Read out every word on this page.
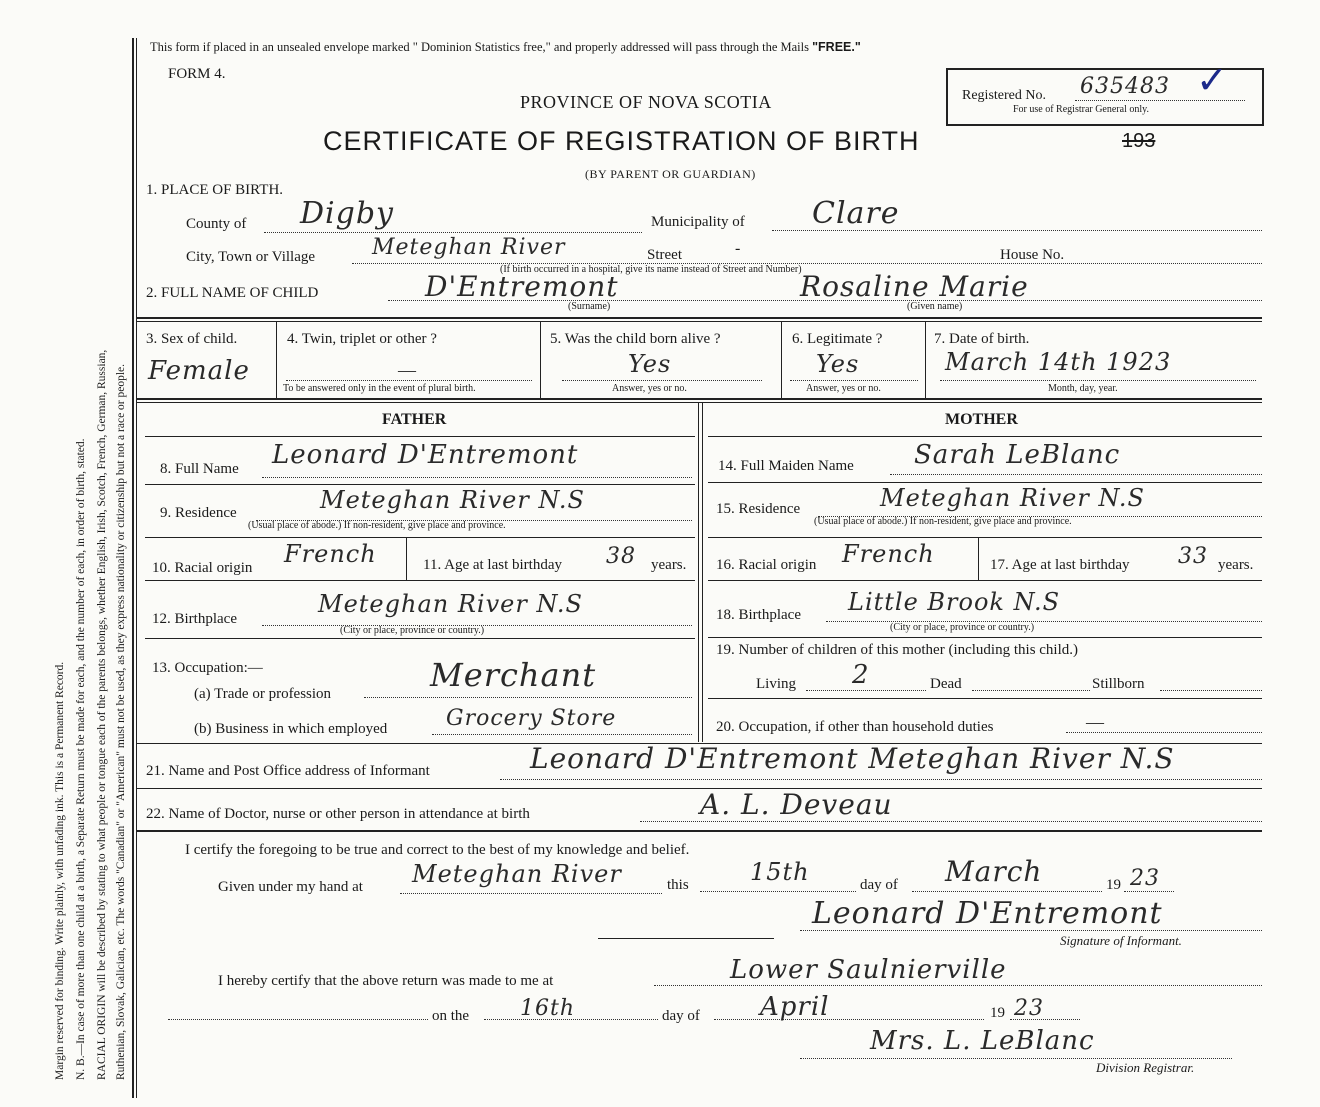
Margin reserved for binding. Write plainly, with unfading ink. This is a Permanent Record. N. B.—In case of more than one child at a birth, a Separate Return must be made for each, and the number of each, in order of birth, stated. RACIAL ORIGIN will be described by stating to what people or tongue each of the parents belongs, whether English, Irish, Scotch, French, German, Russian, Ruthenian, Slovak, Galician, etc. The words "Canadian" or "American" must not be used, as they express nationality or citizenship but not a race or people.
This form if placed in an unsealed envelope marked " Dominion Statistics free," and properly addressed will pass through the Mails "FREE."
FORM 4.
PROVINCE OF NOVA SCOTIA
CERTIFICATE OF REGISTRATION OF BIRTH	193
(BY PARENT OR GUARDIAN)
Registered No. 635483 ✓
For use of Registrar General only.
1. PLACE OF BIRTH.
County of Digby	Municipality of Clare
City, Town or Village	Meteghan River	Street	-	House No.
(If birth occurred in a hospital, give its name instead of Street and Number)
2. FULL NAME OF CHILD	D'Entremont	Rosaline Marie
(Surname)	(Given name)
3. Sex of child.
Female
4. Twin, triplet or other ?
—
To be answered only in the event of plural birth.
5. Was the child born alive ?
Yes
Answer, yes or no.
6. Legitimate ?
Yes
Answer, yes or no.
7. Date of birth.
March 14th 1923
Month, day, year.
FATHER
8. Full Name Leonard D'Entremont
9. Residence	Meteghan River N.S
(Usual place of abode.) If non-resident, give place and province.
10. Racial origin French	11. Age at last birthday 38 years.
12. Birthplace
Meteghan River N.S
(City or place, province or country.)
13. Occupation:—
(a) Trade or profession	Merchant
(b) Business in which employed	Grocery Store
MOTHER
14. Full Maiden Name Sarah LeBlanc
15. Residence	Meteghan River N.S
(Usual place of abode.) If non-resident, give place and province.
16. Racial origin French	17. Age at last birthday 33 years.
18. Birthplace Little Brook N.S
(City or place, province or country.)
19. Number of children of this mother (including this child.)
Living 2	Dead	Stillborn
20. Occupation, if other than household duties	—
21. Name and Post Office address of Informant	Leonard D'Entremont Meteghan River N.S
22. Name of Doctor, nurse or other person in attendance at birth	A. L. Deveau
I certify the foregoing to be true and correct to the best of my knowledge and belief.
Given under my hand at Meteghan River	this	15th	day of March	19 23
Leonard D'Entremont
Signature of Informant.
I hereby certify that the above return was made to me at	Lower Saulnierville
on the 16th	day of April	19 23
Mrs. L. LeBlanc
Division Registrar.
